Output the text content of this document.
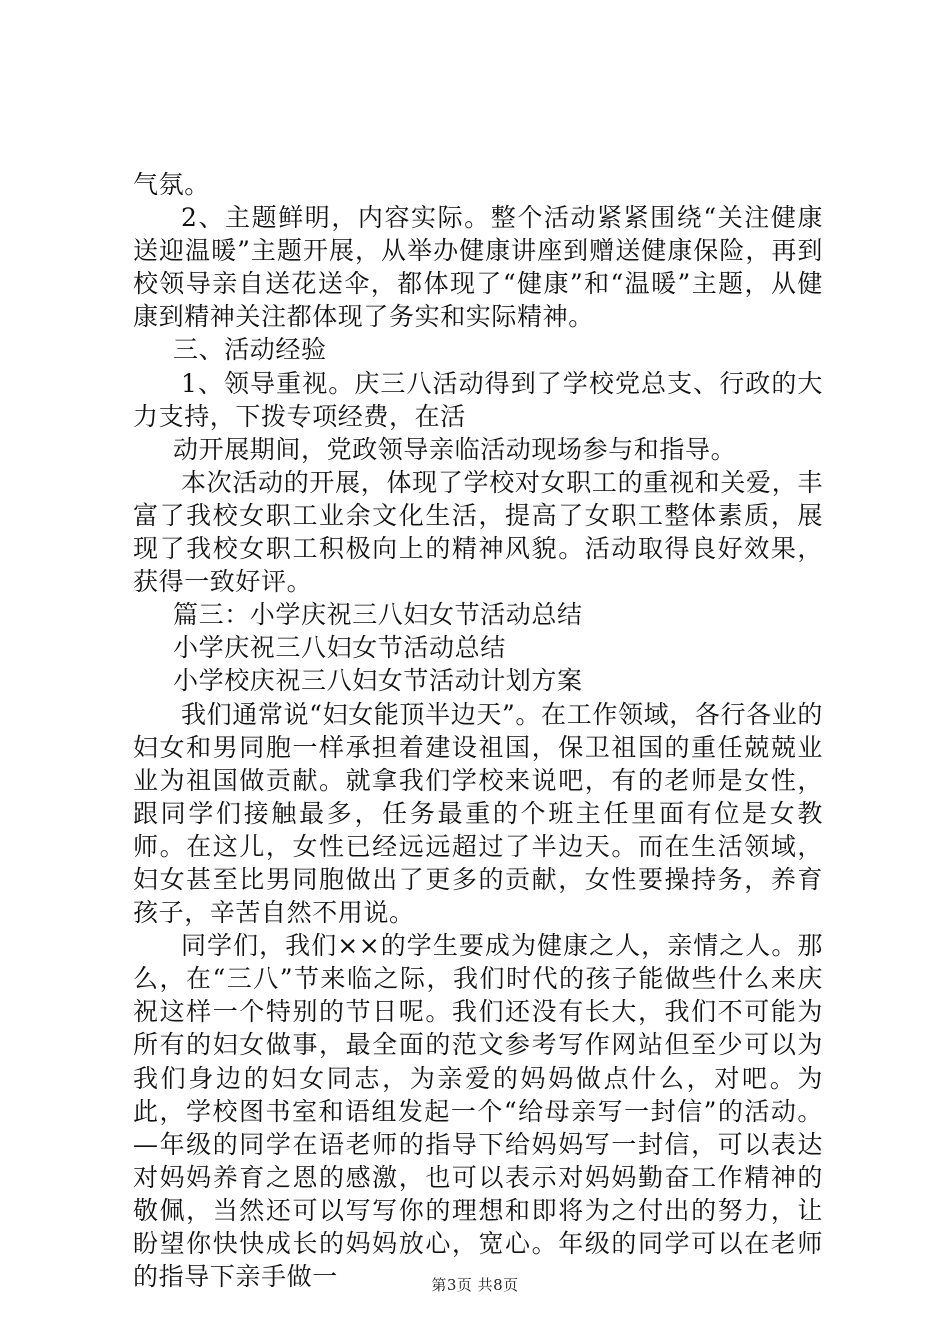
气氛。

2、主题鲜明，内容实际。整个活动紧紧围绕“关注健康送迎温暖”主题开展，从举办健康讲座到赠送健康保险，再到校领导亲自送花送伞，都体现了“健康”和“温暖”主题，从健康到精神关注都体现了务实和实际精神。

三、活动经验

1、领导重视。庆三八活动得到了学校党总支、行政的大力支持，下拨专项经费，在活

动开展期间，党政领导亲临活动现场参与和指导。

本次活动的开展，体现了学校对女职工的重视和关爱，丰富了我校女职工业余文化生活，提高了女职工整体素质，展现了我校女职工积极向上的精神风貌。活动取得良好效果，获得一致好评。

篇三：小学庆祝三八妇女节活动总结

小学庆祝三八妇女节活动总结

小学校庆祝三八妇女节活动计划方案

我们通常说“妇女能顶半边天”。在工作领域，各行各业的妇女和男同胞一样承担着建设祖国，保卫祖国的重任兢兢业业为祖国做贡献。就拿我们学校来说吧，有的老师是女性，跟同学们接触最多，任务最重的个班主任里面有位是女教师。在这儿，女性已经远远超过了半边天。而在生活领域，妇女甚至比男同胞做出了更多的贡献，女性要操持务，养育孩子，辛苦自然不用说。

同学们，我们××的学生要成为健康之人，亲情之人。那么，在“三八”节来临之际，我们时代的孩子能做些什么来庆祝这样一个特别的节日呢。我们还没有长大，我们不可能为所有的妇女做事，最全面的范文参考写作网站但至少可以为我们身边的妇女同志，为亲爱的妈妈做点什么，对吧。为此，学校图书室和语组发起一个“给母亲写一封信”的活动。—年级的同学在语老师的指导下给妈妈写一封信，可以表达对妈妈养育之恩的感激，也可以表示对妈妈勤奋工作精神的敬佩，当然还可以写写你的理想和即将为之付出的努力，让盼望你快快成长的妈妈放心，宽心。年级的同学可以在老师的指导下亲手做一	第3页 共8页
